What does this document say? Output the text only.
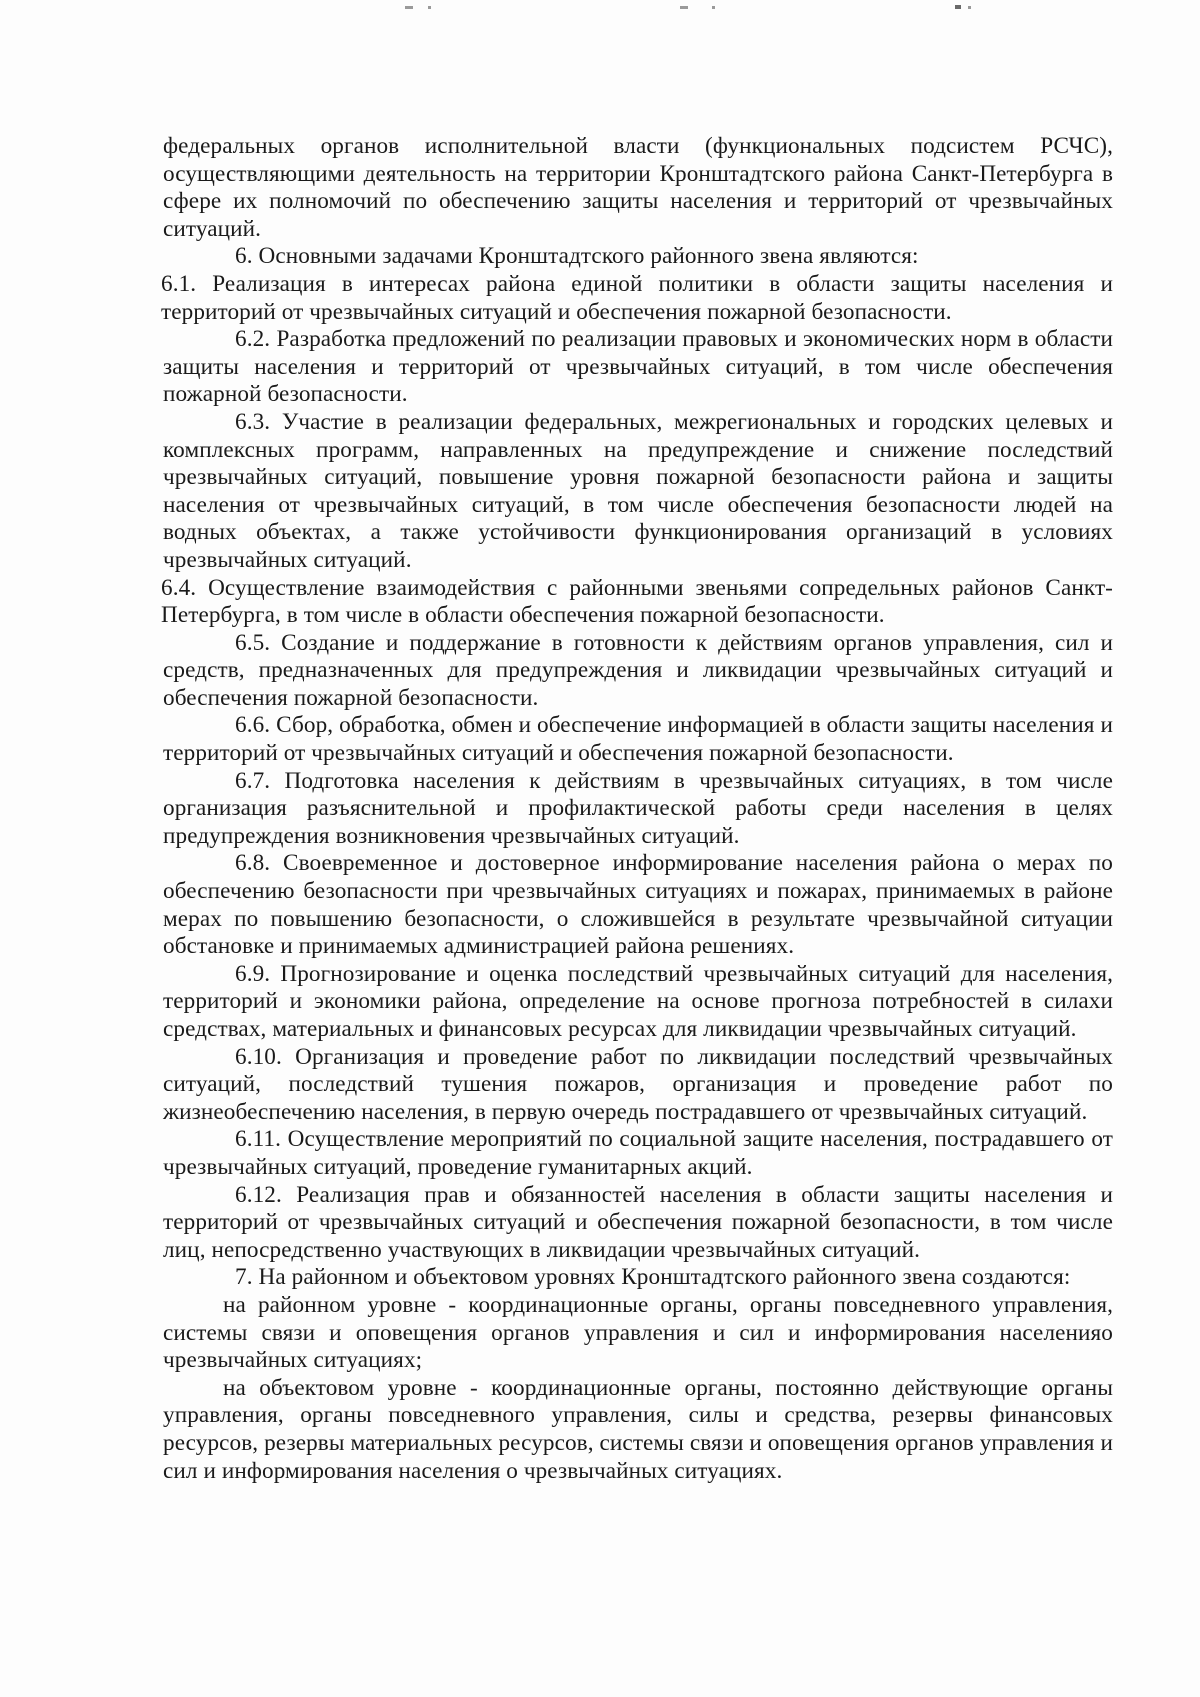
федеральных органов исполнительной власти (функциональных подсистем РСЧС), осуществляющими деятельность на территории Кронштадтского района Санкт-Петербурга в сфере их полномочий по обеспечению защиты населения и территорий от чрезвычайных ситуаций.

6. Основными задачами Кронштадтского районного звена являются:

6.1. Реализация в интересах района единой политики в области защиты населения и территорий от чрезвычайных ситуаций и обеспечения пожарной безопасности.

6.2. Разработка предложений по реализации правовых и экономических норм в области защиты населения и территорий от чрезвычайных ситуаций, в том числе обеспечения пожарной безопасности.

6.3. Участие в реализации федеральных, межрегиональных и городских целевых и комплексных программ, направленных на предупреждение и снижение последствий чрезвычайных ситуаций, повышение уровня пожарной безопасности района и защиты населения от чрезвычайных ситуаций, в том числе обеспечения безопасности людей на водных объектах, а также устойчивости функционирования организаций в условиях чрезвычайных ситуаций.

6.4. Осуществление взаимодействия с районными звеньями сопредельных районов Санкт-Петербурга, в том числе в области обеспечения пожарной безопасности.

6.5. Создание и поддержание в готовности к действиям органов управления, сил и средств, предназначенных для предупреждения и ликвидации чрезвычайных ситуаций и обеспечения пожарной безопасности.

6.6. Сбор, обработка, обмен и обеспечение информацией в области защиты населения и территорий от чрезвычайных ситуаций и обеспечения пожарной безопасности.

6.7. Подготовка населения к действиям в чрезвычайных ситуациях, в том числе организация разъяснительной и профилактической работы среди населения в целях предупреждения возникновения чрезвычайных ситуаций.

6.8. Своевременное и достоверное информирование населения района о мерах по обеспечению безопасности при чрезвычайных ситуациях и пожарах, принимаемых в районе мерах по повышению безопасности, о сложившейся в результате чрезвычайной ситуации обстановке и принимаемых администрацией района решениях.

6.9. Прогнозирование и оценка последствий чрезвычайных ситуаций для населения, территорий и экономики района, определение на основе прогноза потребностей в силахи средствах, материальных и финансовых ресурсах для ликвидации чрезвычайных ситуаций.

6.10. Организация и проведение работ по ликвидации последствий чрезвычайных ситуаций, последствий тушения пожаров, организация и проведение работ по жизнеобеспечению населения, в первую очередь пострадавшего от чрезвычайных ситуаций.

6.11. Осуществление мероприятий по социальной защите населения, пострадавшего от чрезвычайных ситуаций, проведение гуманитарных акций.

6.12. Реализация прав и обязанностей населения в области защиты населения и территорий от чрезвычайных ситуаций и обеспечения пожарной безопасности, в том числе лиц, непосредственно участвующих в ликвидации чрезвычайных ситуаций.

7. На районном и объектовом уровнях Кронштадтского районного звена создаются:

на районном уровне - координационные органы, органы повседневного управления, системы связи и оповещения органов управления и сил и информирования населенияо чрезвычайных ситуациях;

на объектовом уровне - координационные органы, постоянно действующие органы управления, органы повседневного управления, силы и средства, резервы финансовых ресурсов, резервы материальных ресурсов, системы связи и оповещения органов управления и сил и информирования населения о чрезвычайных ситуациях.
